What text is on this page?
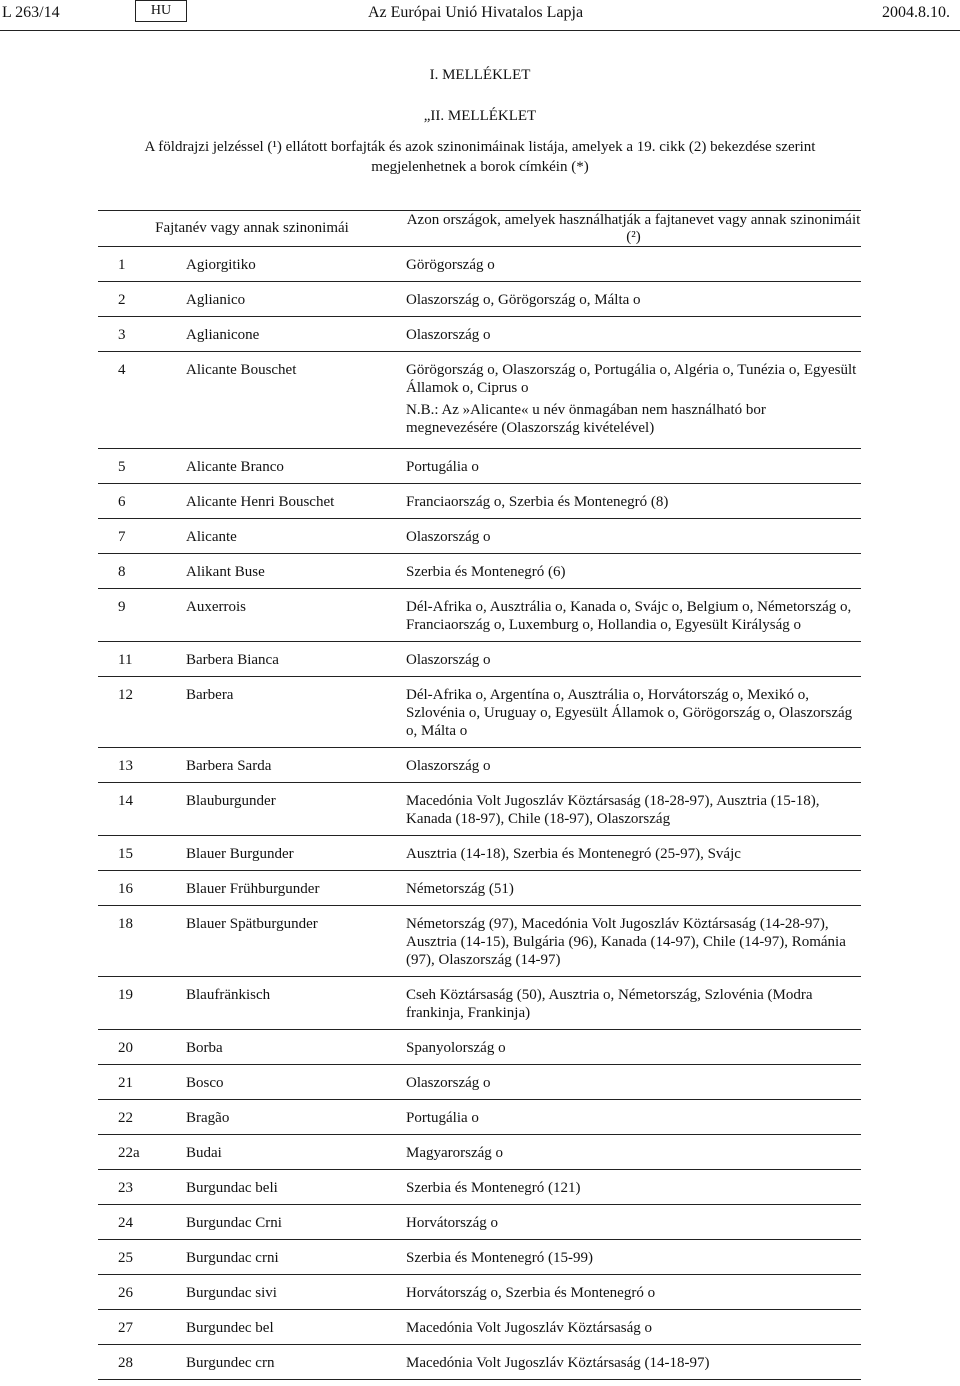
L 263/14	HU	Az Európai Unió Hivatalos Lapja	2004.8.10.
I. MELLÉKLET
„II. MELLÉKLET
A földrajzi jelzéssel (¹) ellátott borfajták és azok szinonimáinak listája, amelyek a 19. cikk (2) bekezdése szerint
megjelenhetnek a borok címkéin (*)
Fajtanév vagy annak szinonimái		Azon országok, amelyek használhatják a fajtanevet vagy annak szinonimáit (²)
1	Agiorgitiko	Görögország o

2	Aglianico	Olaszország o, Görögország o, Málta o

3	Aglianicone	Olaszország o

4	Alicante Bouschet	Görögország o, Olaszország o, Portugália o, Algéria o, Tunézia o, Egyesült Államok o, Ciprus o
N.B.: Az »Alicante« u név önmagában nem használható bor megnevezésére (Olaszország kivételével)

5	Alicante Branco	Portugália o

6	Alicante Henri Bouschet	Franciaország o, Szerbia és Montenegró (8)

7	Alicante	Olaszország o

8	Alikant Buse	Szerbia és Montenegró (6)

9	Auxerrois	Dél-Afrika o, Ausztrália o, Kanada o, Svájc o, Belgium o, Németország o, Franciaország o, Luxemburg o, Hollandia o, Egyesült Királyság o

11	Barbera Bianca	Olaszország o

12	Barbera	Dél-Afrika o, Argentína o, Ausztrália o, Horvátország o, Mexikó o, Szlovénia o, Uruguay o, Egyesült Államok o, Görögország o, Olaszország o, Málta o

13	Barbera Sarda	Olaszország o

14	Blauburgunder	Macedónia Volt Jugoszláv Köztársaság (18-28-97), Ausztria (15-18), Kanada (18-97), Chile (18-97), Olaszország

15	Blauer Burgunder	Ausztria (14-18), Szerbia és Montenegró (25-97), Svájc

16	Blauer Frühburgunder	Németország (51)

18	Blauer Spätburgunder	Németország (97), Macedónia Volt Jugoszláv Köztársaság (14-28-97), Ausztria (14-15), Bulgária (96), Kanada (14-97), Chile (14-97), Románia (97), Olaszország (14-97)

19	Blaufränkisch	Cseh Köztársaság (50), Ausztria o, Németország, Szlovénia (Modra frankinja, Frankinja)

20	Borba	Spanyolország o

21	Bosco	Olaszország o

22	Bragão	Portugália o

22a	Budai	Magyarország o

23	Burgundac beli	Szerbia és Montenegró (121)

24	Burgundac Crni	Horvátország o

25	Burgundac crni	Szerbia és Montenegró (15-99)

26	Burgundac sivi	Horvátország o, Szerbia és Montenegró o

27	Burgundec bel	Macedónia Volt Jugoszláv Köztársaság o

28	Burgundec crn	Macedónia Volt Jugoszláv Köztársaság (14-18-97)
